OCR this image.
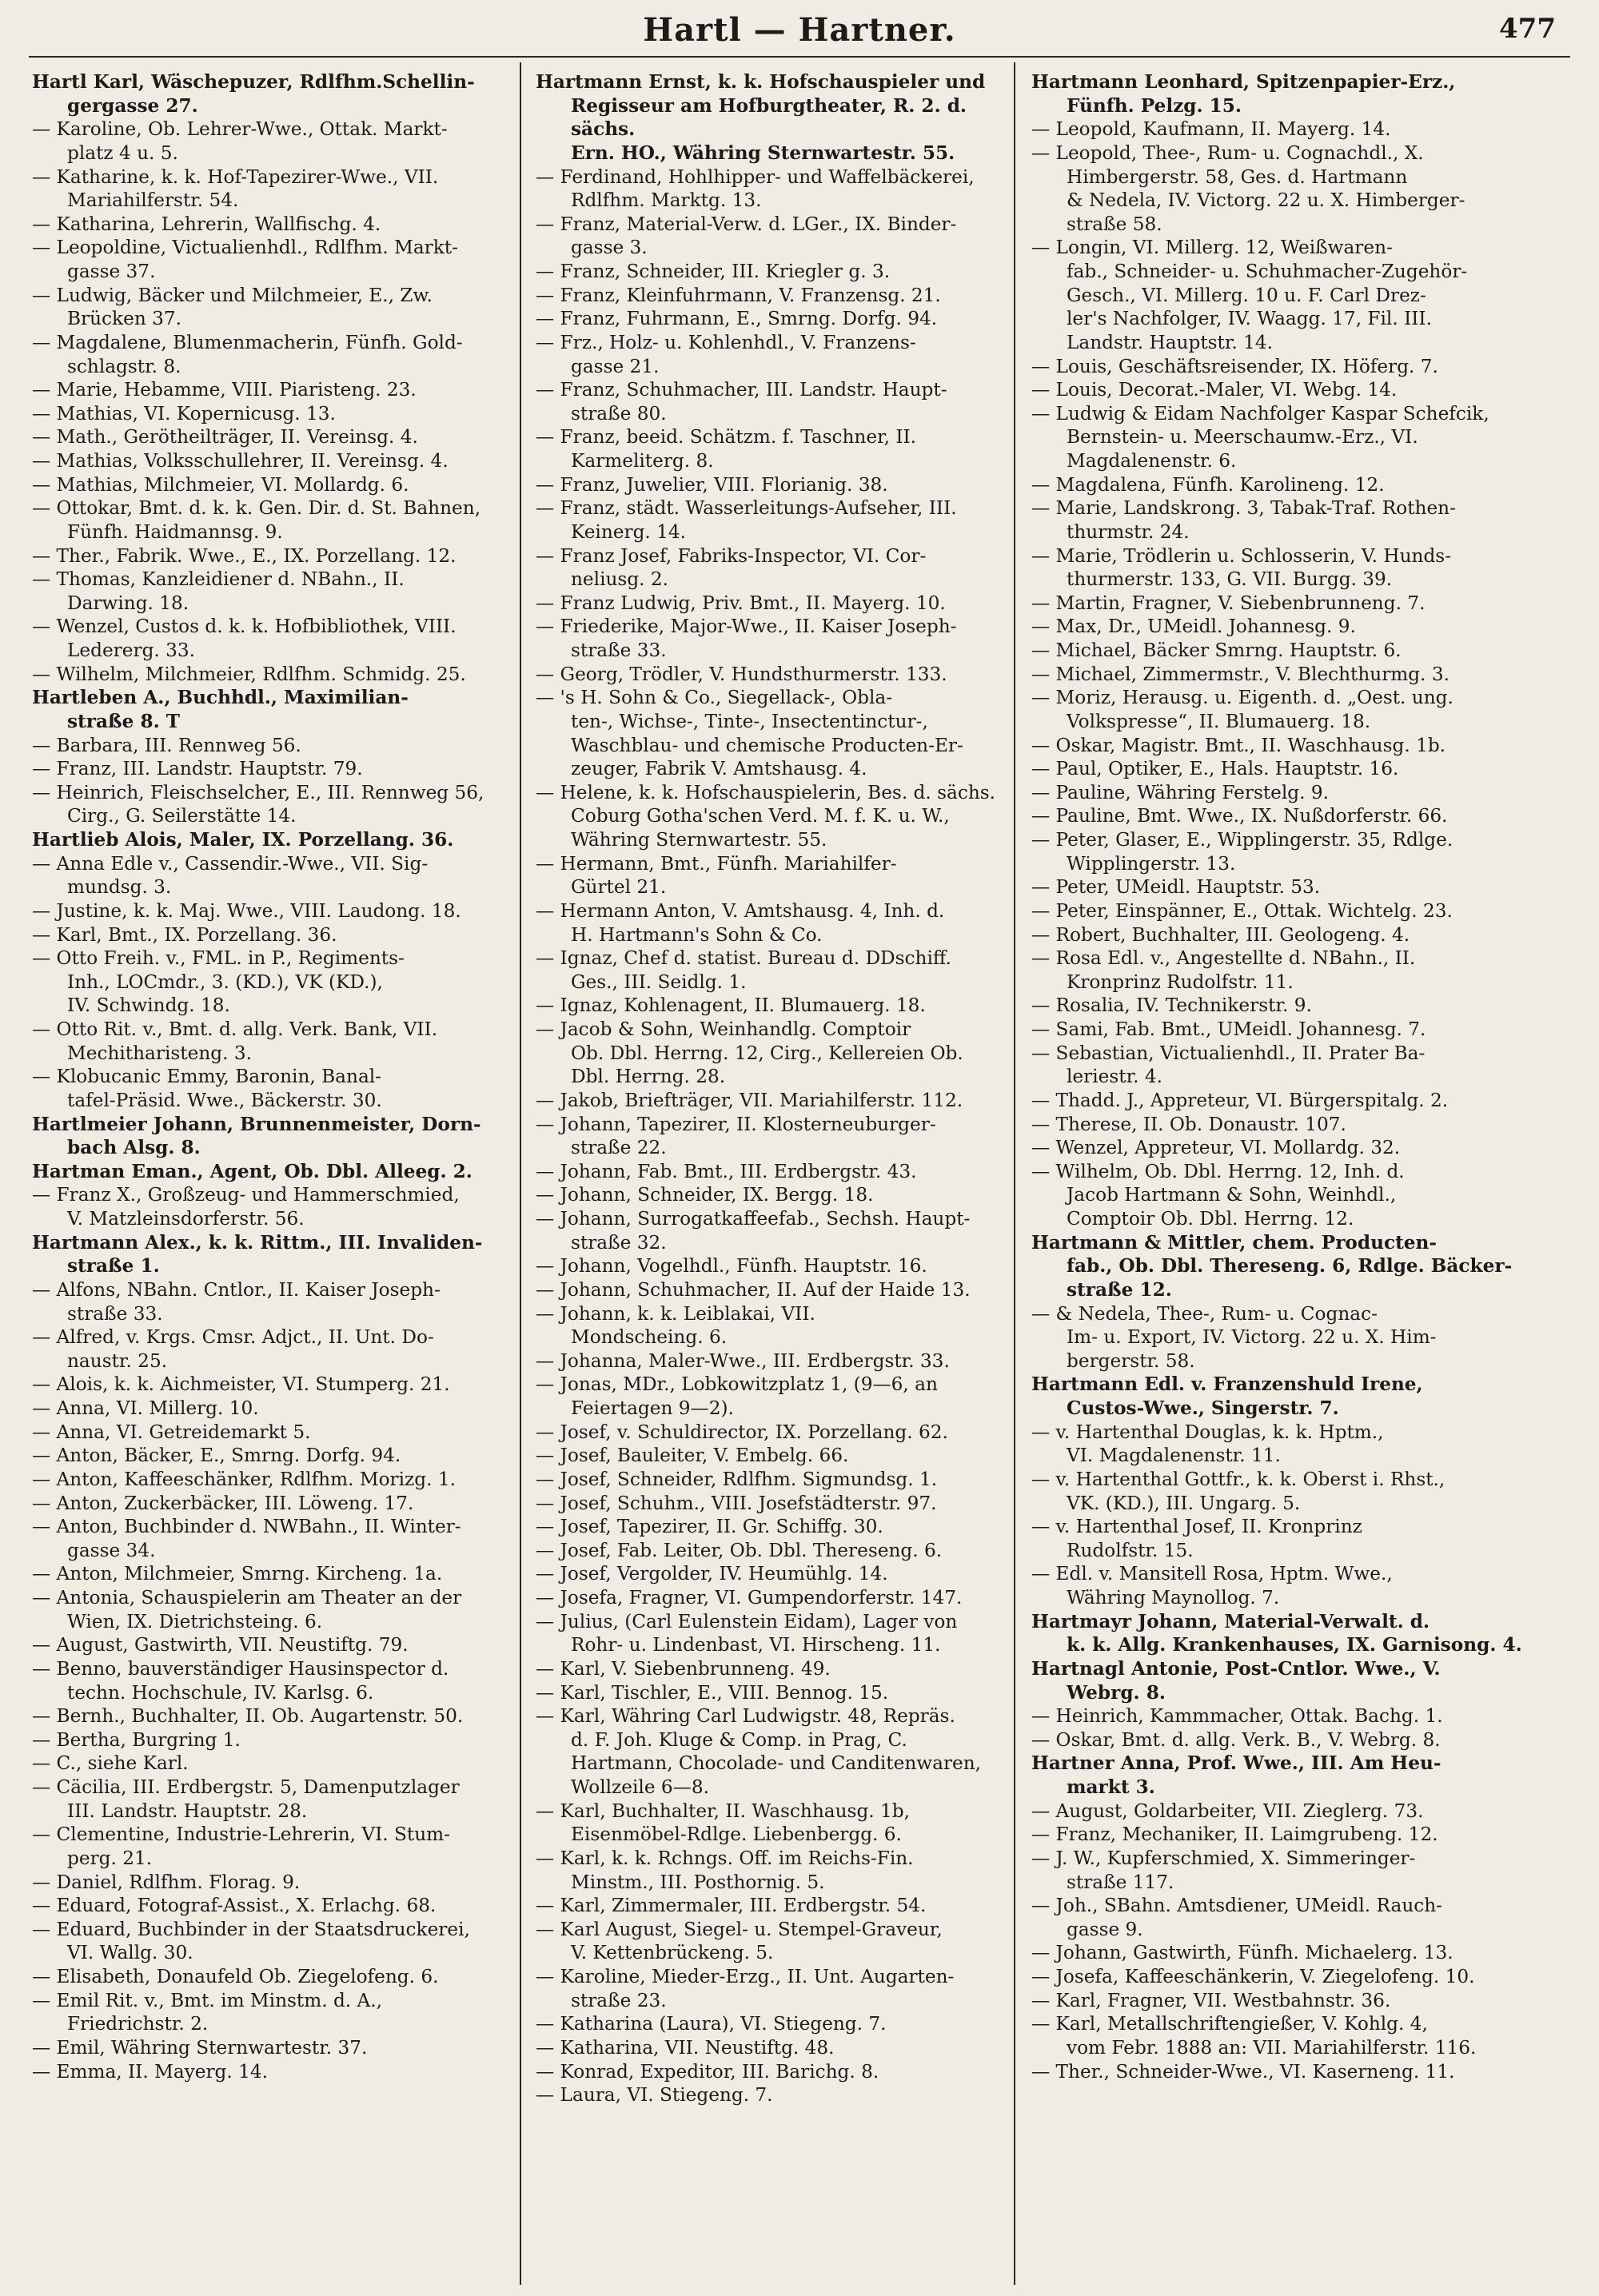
Hartl — Hartner.	477

Hartl Karl, Wäschepuzer, Rdlfhm.Schellin-
gergasse 27.

— Karoline, Ob. Lehrer-Wwe., Ottak. Markt-
platz 4 u. 5.

— Katharine, k. k. Hof-Tapezirer-Wwe., VII.
Mariahilferstr. 54.

— Katharina, Lehrerin, Wallfischg. 4.

— Leopoldine, Victualienhdl., Rdlfhm. Markt-
gasse 37.

— Ludwig, Bäcker und Milchmeier, E., Zw.
Brücken 37.

— Magdalene, Blumenmacherin, Fünfh. Gold-
schlagstr. 8.

— Marie, Hebamme, VIII. Piaristeng. 23.

— Mathias, VI. Kopernicusg. 13.

— Math., Gerötheilträger, II. Vereinsg. 4.

— Mathias, Volksschullehrer, II. Vereinsg. 4.

— Mathias, Milchmeier, VI. Mollardg. 6.

— Ottokar, Bmt. d. k. k. Gen. Dir. d. St. Bahnen,
Fünfh. Haidmannsg. 9.

— Ther., Fabrik. Wwe., E., IX. Porzellang. 12.

— Thomas, Kanzleidiener d. NBahn., II.
Darwing. 18.

— Wenzel, Custos d. k. k. Hofbibliothek, VIII.
Ledererg. 33.

— Wilhelm, Milchmeier, Rdlfhm. Schmidg. 25.

Hartleben A., Buchhdl., Maximilian-
straße 8. T

— Barbara, III. Rennweg 56.

— Franz, III. Landstr. Hauptstr. 79.

— Heinrich, Fleischselcher, E., III. Rennweg 56,
Cirg., G. Seilerstätte 14.

Hartlieb Alois, Maler, IX. Porzellang. 36.

— Anna Edle v., Cassendir.-Wwe., VII. Sig-
mundsg. 3.

— Justine, k. k. Maj. Wwe., VIII. Laudong. 18.

— Karl, Bmt., IX. Porzellang. 36.

— Otto Freih. v., FML. in P., Regiments-
Inh., LOCmdr., 3. (KD.), VK (KD.),
IV. Schwindg. 18.

— Otto Rit. v., Bmt. d. allg. Verk. Bank, VII.
Mechitharisteng. 3.

— Klobucanic Emmy, Baronin, Banal-
tafel-Präsid. Wwe., Bäckerstr. 30.

Hartlmeier Johann, Brunnenmeister, Dorn-
bach Alsg. 8.

Hartman Eman., Agent, Ob. Dbl. Alleeg. 2.

— Franz X., Großzeug- und Hammerschmied,
V. Matzleinsdorferstr. 56.

Hartmann Alex., k. k. Rittm., III. Invaliden-
straße 1.

— Alfons, NBahn. Cntlor., II. Kaiser Joseph-
straße 33.

— Alfred, v. Krgs. Cmsr. Adjct., II. Unt. Do-
naustr. 25.

— Alois, k. k. Aichmeister, VI. Stumperg. 21.

— Anna, VI. Millerg. 10.

— Anna, VI. Getreidemarkt 5.

— Anton, Bäcker, E., Smrng. Dorfg. 94.

— Anton, Kaffeeschänker, Rdlfhm. Morizg. 1.

— Anton, Zuckerbäcker, III. Löweng. 17.

— Anton, Buchbinder d. NWBahn., II. Winter-
gasse 34.

— Anton, Milchmeier, Smrng. Kircheng. 1a.

— Antonia, Schauspielerin am Theater an der
Wien, IX. Dietrichsteing. 6.

— August, Gastwirth, VII. Neustiftg. 79.

— Benno, bauverständiger Hausinspector d.
techn. Hochschule, IV. Karlsg. 6.

— Bernh., Buchhalter, II. Ob. Augartenstr. 50.

— Bertha, Burgring 1.

— C., siehe Karl.

— Cäcilia, III. Erdbergstr. 5, Damenputzlager
III. Landstr. Hauptstr. 28.

— Clementine, Industrie-Lehrerin, VI. Stum-
perg. 21.

— Daniel, Rdlfhm. Florag. 9.

— Eduard, Fotograf-Assist., X. Erlachg. 68.

— Eduard, Buchbinder in der Staatsdruckerei,
VI. Wallg. 30.

— Elisabeth, Donaufeld Ob. Ziegelofeng. 6.

— Emil Rit. v., Bmt. im Minstm. d. A.,
Friedrichstr. 2.

— Emil, Währing Sternwartestr. 37.

— Emma, II. Mayerg. 14.

Hartmann Ernst, k. k. Hofschauspieler und
Regisseur am Hofburgtheater, R. 2. d. sächs.
Ern. HO., Währing Sternwartestr. 55.

— Ferdinand, Hohlhipper- und Waffelbäckerei,
Rdlfhm. Marktg. 13.

— Franz, Material-Verw. d. LGer., IX. Binder-
gasse 3.

— Franz, Schneider, III. Kriegler g. 3.

— Franz, Kleinfuhrmann, V. Franzensg. 21.

— Franz, Fuhrmann, E., Smrng. Dorfg. 94.

— Frz., Holz- u. Kohlenhdl., V. Franzens-
gasse 21.

— Franz, Schuhmacher, III. Landstr. Haupt-
straße 80.

— Franz, beeid. Schätzm. f. Taschner, II.
Karmeliterg. 8.

— Franz, Juwelier, VIII. Florianig. 38.

— Franz, städt. Wasserleitungs-Aufseher, III.
Keinerg. 14.

— Franz Josef, Fabriks-Inspector, VI. Cor-
neliusg. 2.

— Franz Ludwig, Priv. Bmt., II. Mayerg. 10.

— Friederike, Major-Wwe., II. Kaiser Joseph-
straße 33.

— Georg, Trödler, V. Hundsthurmerstr. 133.

— 's H. Sohn & Co., Siegellack-, Obla-
ten-, Wichse-, Tinte-, Insectentinctur-,
Waschblau- und chemische Producten-Er-
zeuger, Fabrik V. Amtshausg. 4.

— Helene, k. k. Hofschauspielerin, Bes. d. sächs.
Coburg Gotha'schen Verd. M. f. K. u. W.,
Währing Sternwartestr. 55.

— Hermann, Bmt., Fünfh. Mariahilfer-
Gürtel 21.

— Hermann Anton, V. Amtshausg. 4, Inh. d.
H. Hartmann's Sohn & Co.

— Ignaz, Chef d. statist. Bureau d. DDschiff.
Ges., III. Seidlg. 1.

— Ignaz, Kohlenagent, II. Blumauerg. 18.

— Jacob & Sohn, Weinhandlg. Comptoir
Ob. Dbl. Herrng. 12, Cirg., Kellereien Ob.
Dbl. Herrng. 28.

— Jakob, Briefträger, VII. Mariahilferstr. 112.

— Johann, Tapezirer, II. Klosterneuburger-
straße 22.

— Johann, Fab. Bmt., III. Erdbergstr. 43.

— Johann, Schneider, IX. Bergg. 18.

— Johann, Surrogatkaffeefab., Sechsh. Haupt-
straße 32.

— Johann, Vogelhdl., Fünfh. Hauptstr. 16.

— Johann, Schuhmacher, II. Auf der Haide 13.

— Johann, k. k. Leiblakai, VII.
Mondscheing. 6.

— Johanna, Maler-Wwe., III. Erdbergstr. 33.

— Jonas, MDr., Lobkowitzplatz 1, (9—6, an
Feiertagen 9—2).

— Josef, v. Schuldirector, IX. Porzellang. 62.

— Josef, Bauleiter, V. Embelg. 66.

— Josef, Schneider, Rdlfhm. Sigmundsg. 1.

— Josef, Schuhm., VIII. Josefstädterstr. 97.

— Josef, Tapezirer, II. Gr. Schiffg. 30.

— Josef, Fab. Leiter, Ob. Dbl. Thereseng. 6.

— Josef, Vergolder, IV. Heumühlg. 14.

— Josefa, Fragner, VI. Gumpendorferstr. 147.

— Julius, (Carl Eulenstein Eidam), Lager von
Rohr- u. Lindenbast, VI. Hirscheng. 11.

— Karl, V. Siebenbrunneng. 49.

— Karl, Tischler, E., VIII. Bennog. 15.

— Karl, Währing Carl Ludwigstr. 48, Repräs.
d. F. Joh. Kluge & Comp. in Prag, C.
Hartmann, Chocolade- und Canditenwaren,
Wollzeile 6—8.

— Karl, Buchhalter, II. Waschhausg. 1b,
Eisenmöbel-Rdlge. Liebenbergg. 6.

— Karl, k. k. Rchngs. Off. im Reichs-Fin.
Minstm., III. Posthornig. 5.

— Karl, Zimmermaler, III. Erdbergstr. 54.

— Karl August, Siegel- u. Stempel-Graveur,
V. Kettenbrückeng. 5.

— Karoline, Mieder-Erzg., II. Unt. Augarten-
straße 23.

— Katharina (Laura), VI. Stiegeng. 7.

— Katharina, VII. Neustiftg. 48.

— Konrad, Expeditor, III. Barichg. 8.

— Laura, VI. Stiegeng. 7.

Hartmann Leonhard, Spitzenpapier-Erz.,
Fünfh. Pelzg. 15.

— Leopold, Kaufmann, II. Mayerg. 14.

— Leopold, Thee-, Rum- u. Cognachdl., X.
Himbergerstr. 58, Ges. d. Hartmann
& Nedela, IV. Victorg. 22 u. X. Himberger-
straße 58.

— Longin, VI. Millerg. 12, Weißwaren-
fab., Schneider- u. Schuhmacher-Zugehör-
Gesch., VI. Millerg. 10 u. F. Carl Drez-
ler's Nachfolger, IV. Waagg. 17, Fil. III.
Landstr. Hauptstr. 14.

— Louis, Geschäftsreisender, IX. Höferg. 7.

— Louis, Decorat.-Maler, VI. Webg. 14.

— Ludwig & Eidam Nachfolger Kaspar Schefcik,
Bernstein- u. Meerschaumw.-Erz., VI.
Magdalenenstr. 6.

— Magdalena, Fünfh. Karolineng. 12.

— Marie, Landskrong. 3, Tabak-Traf. Rothen-
thurmstr. 24.

— Marie, Trödlerin u. Schlosserin, V. Hunds-
thurmerstr. 133, G. VII. Burgg. 39.

— Martin, Fragner, V. Siebenbrunneng. 7.

— Max, Dr., UMeidl. Johannesg. 9.

— Michael, Bäcker Smrng. Hauptstr. 6.

— Michael, Zimmermstr., V. Blechthurmg. 3.

— Moriz, Herausg. u. Eigenth. d. „Oest. ung.
Volkspresse“, II. Blumauerg. 18.

— Oskar, Magistr. Bmt., II. Waschhausg. 1b.

— Paul, Optiker, E., Hals. Hauptstr. 16.

— Pauline, Währing Ferstelg. 9.

— Pauline, Bmt. Wwe., IX. Nußdorferstr. 66.

— Peter, Glaser, E., Wipplingerstr. 35, Rdlge.
Wipplingerstr. 13.

— Peter, UMeidl. Hauptstr. 53.

— Peter, Einspänner, E., Ottak. Wichtelg. 23.

— Robert, Buchhalter, III. Geologeng. 4.

— Rosa Edl. v., Angestellte d. NBahn., II.
Kronprinz Rudolfstr. 11.

— Rosalia, IV. Technikerstr. 9.

— Sami, Fab. Bmt., UMeidl. Johannesg. 7.

— Sebastian, Victualienhdl., II. Prater Ba-
leriestr. 4.

— Thadd. J., Appreteur, VI. Bürgerspitalg. 2.

— Therese, II. Ob. Donaustr. 107.

— Wenzel, Appreteur, VI. Mollardg. 32.

— Wilhelm, Ob. Dbl. Herrng. 12, Inh. d.
Jacob Hartmann & Sohn, Weinhdl.,
Comptoir Ob. Dbl. Herrng. 12.

Hartmann & Mittler, chem. Producten-
fab., Ob. Dbl. Thereseng. 6, Rdlge. Bäcker-
straße 12.

— & Nedela, Thee-, Rum- u. Cognac-
Im- u. Export, IV. Victorg. 22 u. X. Him-
bergerstr. 58.

Hartmann Edl. v. Franzenshuld Irene,
Custos-Wwe., Singerstr. 7.

— v. Hartenthal Douglas, k. k. Hptm.,
VI. Magdalenenstr. 11.

— v. Hartenthal Gottfr., k. k. Oberst i. Rhst.,
VK. (KD.), III. Ungarg. 5.

— v. Hartenthal Josef, II. Kronprinz
Rudolfstr. 15.

— Edl. v. Mansitell Rosa, Hptm. Wwe.,
Währing Maynollog. 7.

Hartmayr Johann, Material-Verwalt. d.
k. k. Allg. Krankenhauses, IX. Garnisong. 4.

Hartnagl Antonie, Post-Cntlor. Wwe., V.
Webrg. 8.

— Heinrich, Kammmacher, Ottak. Bachg. 1.

— Oskar, Bmt. d. allg. Verk. B., V. Webrg. 8.

Hartner Anna, Prof. Wwe., III. Am Heu-
markt 3.

— August, Goldarbeiter, VII. Zieglerg. 73.

— Franz, Mechaniker, II. Laimgrubeng. 12.

— J. W., Kupferschmied, X. Simmeringer-
straße 117.

— Joh., SBahn. Amtsdiener, UMeidl. Rauch-
gasse 9.

— Johann, Gastwirth, Fünfh. Michaelerg. 13.

— Josefa, Kaffeeschänkerin, V. Ziegelofeng. 10.

— Karl, Fragner, VII. Westbahnstr. 36.

— Karl, Metallschriftengießer, V. Kohlg. 4,
vom Febr. 1888 an: VII. Mariahilferstr. 116.

— Ther., Schneider-Wwe., VI. Kaserneng. 11.
